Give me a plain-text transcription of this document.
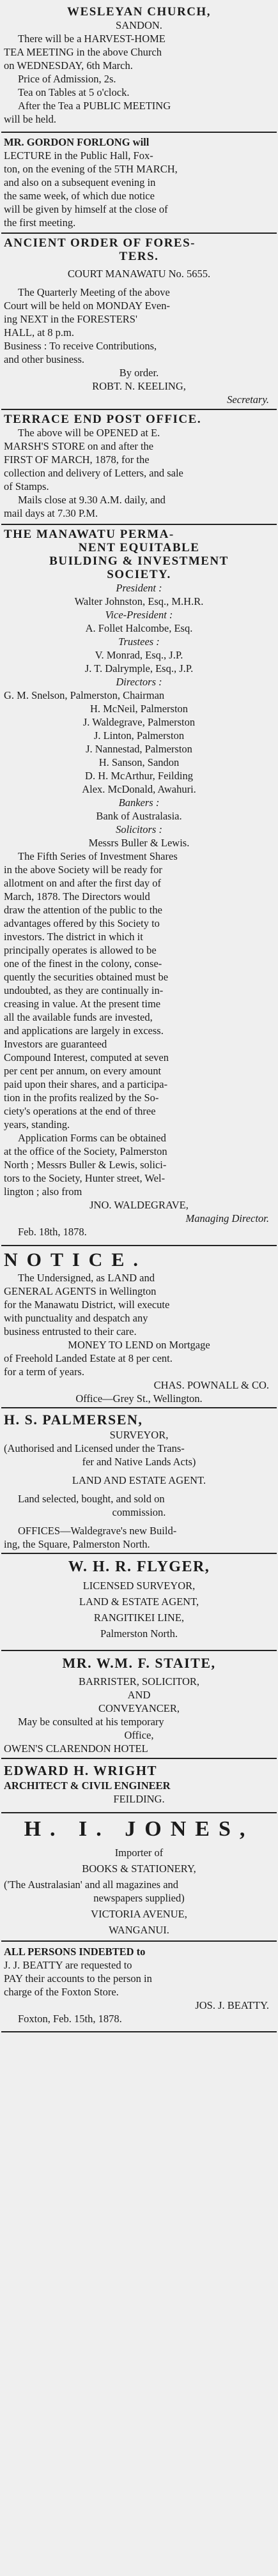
WESLEYAN CHURCH,
SANDON.
There will be a HARVEST-HOME
TEA MEETING in the above Church
on WEDNESDAY, 6th March.
Price of Admission, 2s.
Tea on Tables at 5 o'clock.
After the Tea a PUBLIC MEETING
will be held.
MR. GORDON FORLONG will
LECTURE in the Public Hall, Fox-
ton, on the evening of the 5TH MARCH,
and also on a subsequent evening in
the same week, of which due notice
will be given by himself at the close of
the first meeting.
ANCIENT ORDER OF FORES-
TERS.
COURT MANAWATU No. 5655.
The Quarterly Meeting of the above
Court will be held on MONDAY Even-
ing NEXT in the FORESTERS'
HALL, at 8 p.m.
Business : To receive Contributions,
and other business.
By order.
ROBT. N. KEELING,
Secretary.
TERRACE END POST OFFICE.
The above will be OPENED at E.
MARSH'S STORE on and after the
FIRST OF MARCH, 1878, for the
collection and delivery of Letters, and sale
of Stamps.
Mails close at 9.30 A.M. daily, and
mail days at 7.30 P.M.
THE MANAWATU PERMA-
NENT EQUITABLE
BUILDING & INVESTMENT
SOCIETY.
President :
Walter Johnston, Esq., M.H.R.
Vice-President :
A. Follet Halcombe, Esq.
Trustees :
V. Monrad, Esq., J.P.
J. T. Dalrymple, Esq., J.P.
Directors :
G. M. Snelson, Palmerston, Chairman
H. McNeil, Palmerston
J. Waldegrave, Palmerston
J. Linton, Palmerston
J. Nannestad, Palmerston
H. Sanson, Sandon
D. H. McArthur, Feilding
Alex. McDonald, Awahuri.
Bankers :
Bank of Australasia.
Solicitors :
Messrs Buller & Lewis.
The Fifth Series of Investment Shares
in the above Society will be ready for
allotment on and after the first day of
March, 1878. The Directors would
draw the attention of the public to the
advantages offered by this Society to
investors. The district in which it
principally operates is allowed to be
one of the finest in the colony, conse-
quently the securities obtained must be
undoubted, as they are continually in-
creasing in value. At the present time
all the available funds are invested,
and applications are largely in excess.
Investors are guaranteed
Compound Interest, computed at seven
per cent per annum, on every amount
paid upon their shares, and a participa-
tion in the profits realized by the So-
ciety's operations at the end of three
years, standing.
Application Forms can be obtained
at the office of the Society, Palmerston
North ; Messrs Buller & Lewis, solici-
tors to the Society, Hunter street, Wel-
lington ; also from
JNO. WALDEGRAVE,
Managing Director.
Feb. 18th, 1878.
NOTICE.
The Undersigned, as LAND and
GENERAL AGENTS in Wellington
for the Manawatu District, will execute
with punctuality and despatch any
business entrusted to their care.
MONEY TO LEND on Mortgage
of Freehold Landed Estate at 8 per cent.
for a term of years.
CHAS. POWNALL & CO.
Office—Grey St., Wellington.
H. S. PALMERSEN,
SURVEYOR,
(Authorised and Licensed under the Trans-
fer and Native Lands Acts)
LAND AND ESTATE AGENT.
Land selected, bought, and sold on
commission.
OFFICES—Waldegrave's new Build-
ing, the Square, Palmerston North.
W. H. R. FLYGER,
LICENSED SURVEYOR,
LAND & ESTATE AGENT,
RANGITIKEI LINE,
Palmerston North.
MR. W.M. F. STAITE,
BARRISTER, SOLICITOR,
AND
CONVEYANCER,
May be consulted at his temporary
Office,
OWEN'S CLARENDON HOTEL
EDWARD H. WRIGHT
ARCHITECT & CIVIL ENGINEER
FEILDING.
H. I. JONES,
Importer of
BOOKS & STATIONERY,
('The Australasian' and all magazines and
newspapers supplied)
VICTORIA AVENUE,
WANGANUI.
ALL PERSONS INDEBTED to
J. J. BEATTY are requested to
PAY their accounts to the person in
charge of the Foxton Store.
JOS. J. BEATTY.
Foxton, Feb. 15th, 1878.
